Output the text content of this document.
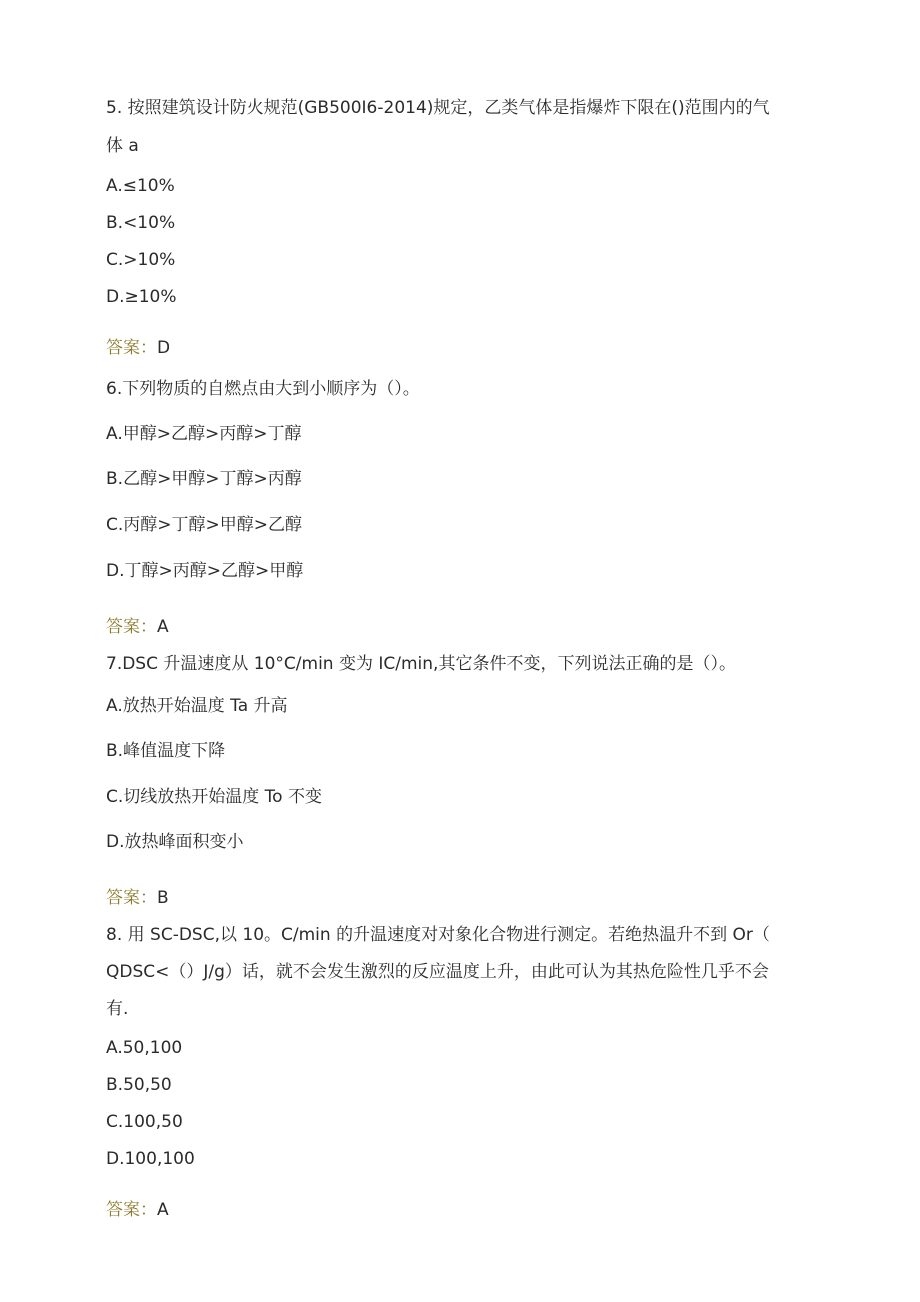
5. 按照建筑设计防火规范(GB500I6-2014)规定，乙类气体是指爆炸下限在()范围内的气
体 a
A.≤10%
B.<10%
C.>10%
D.≥10%
答案：D
6.下列物质的自燃点由大到小顺序为（）。
A.甲醇>乙醇>丙醇>丁醇
B.乙醇>甲醇>丁醇>丙醇
C.丙醇>丁醇>甲醇>乙醇
D.丁醇>丙醇>乙醇>甲醇
答案：A
7.DSC 升温速度从 10°C/min 变为 IC/min,其它条件不变，下列说法正确的是（）。
A.放热开始温度 Ta 升高
B.峰值温度下降
C.切线放热开始温度 To 不变
D.放热峰面积变小
答案：B
8. 用 SC-DSC,以 10。C/min 的升温速度对对象化合物进行测定。若绝热温升不到 Or（
QDSC<（）J/g）话，就不会发生激烈的反应温度上升，由此可认为其热危险性几乎不会
有.
A.50,100
B.50,50
C.100,50
D.100,100
答案：A
